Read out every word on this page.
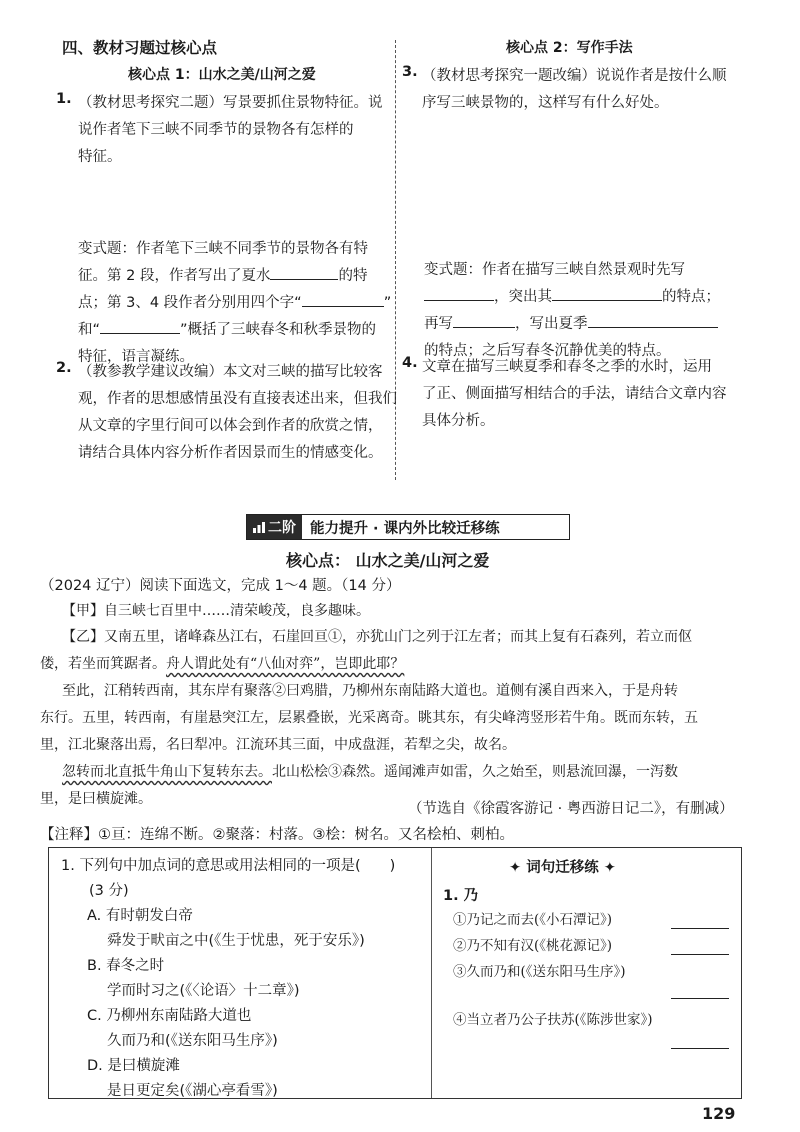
四、教材习题过核心点
核心点 1：山水之美/山河之爱
核心点 2：写作手法
1. （教材思考探究二题）写景要抓住景物特征。说
说作者笔下三峡不同季节的景物各有怎样的
特征。
变式题：作者笔下三峡不同季节的景物各有特
征。第 2 段，作者写出了夏水	的特
点；第 3、4 段作者分别用四个字“	”
和“	”概括了三峡春冬和秋季景物的
特征，语言凝练。
2. （教参教学建议改编）本文对三峡的描写比较客
观，作者的思想感情虽没有直接表述出来，但我们
从文章的字里行间可以体会到作者的欣赏之情，
请结合具体内容分析作者因景而生的情感变化。
3. （教材思考探究一题改编）说说作者是按什么顺
序写三峡景物的，这样写有什么好处。
变式题：作者在描写三峡自然景观时先写
，突出其	的特点；
再写	，写出夏季
的特点；之后写春冬沉静优美的特点。
4. 文章在描写三峡夏季和春冬之季的水时，运用
了正、侧面描写相结合的手法，请结合文章内容
具体分析。
二阶 能力提升 · 课内外比较迁移练
核心点： 山水之美/山河之爱
（2024 辽宁）阅读下面选文，完成 1～4 题。（14 分）
【甲】自三峡七百里中……清荣峻茂，良多趣味。
【乙】又南五里，诸峰森丛江右，石崖回亘①，亦犹山门之列于江左者；而其上复有石森列，若立而伛
偻，若坐而箕踞者。舟人谓此处有“八仙对弈”，岂即此耶？
至此，江稍转西南，其东岸有聚落②曰鸡腊，乃柳州东南陆路大道也。道侧有溪自西来入，于是舟转
东行。五里，转西南，有崖悬突江左，层累叠嵌，光采离奇。眺其东，有尖峰湾竖形若牛角。既而东转，五
里，江北聚落出焉，名曰犁冲。江流环其三面，中成盘涯，若犁之尖，故名。
忽转而北直抵牛角山下复转东去。北山松桧③森然。遥闻滩声如雷，久之始至，则悬流回瀑，一泻数
里，是曰横旋滩。
（节选自《徐霞客游记 · 粤西游日记二》，有删减）
【注释】①亘：连绵不断。②聚落：村落。③桧：树名。又名桧柏、刺柏。
1. 下列句中加点词的意思或用法相同的一项是(　　)
(3 分)
A. 有时朝发白帝
舜发于畎亩之中(《生于忧患，死于安乐》)
B. 春冬之时
学而时习之(《〈论语〉十二章》)
C. 乃柳州东南陆路大道也
久而乃和(《送东阳马生序》)
D. 是曰横旋滩
是日更定矣(《湖心亭看雪》)
✦ 词句迁移练 ✦
1. 乃
①乃记之而去(《小石潭记》)
②乃不知有汉(《桃花源记》)
③久而乃和(《送东阳马生序》)
④当立者乃公子扶苏(《陈涉世家》)
129
